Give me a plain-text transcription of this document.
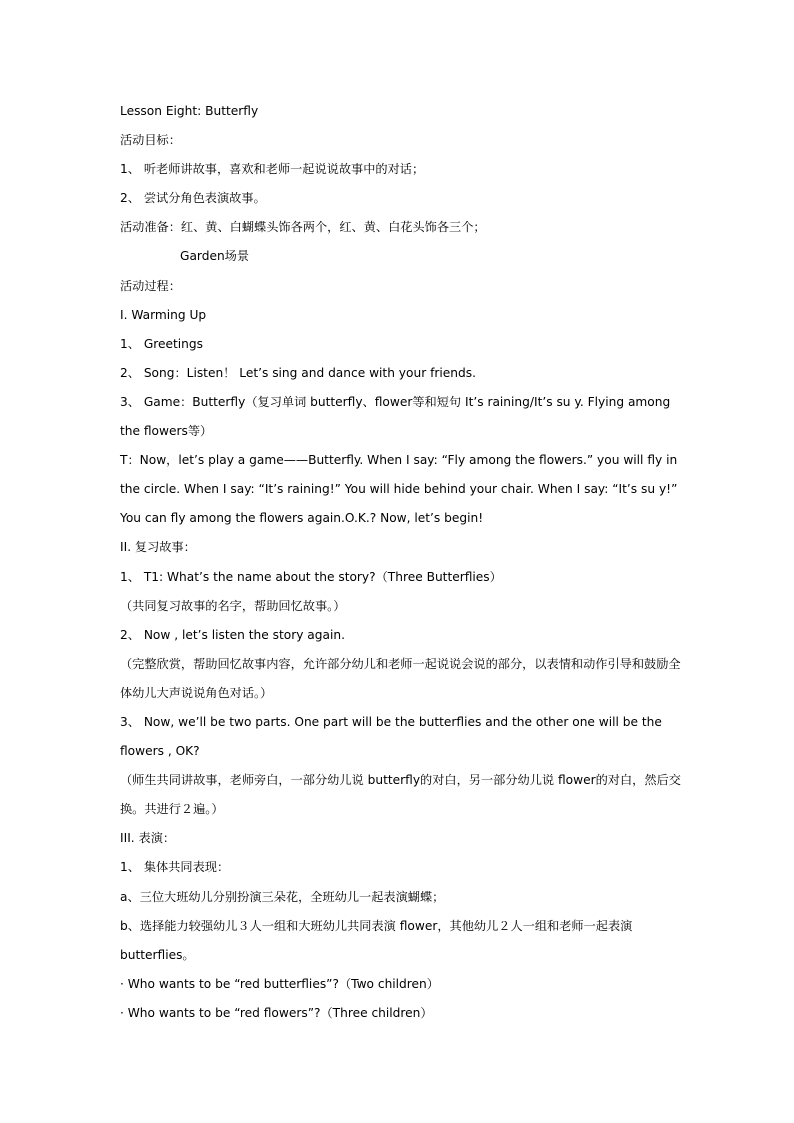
Lesson Eight: Butterfly
活动目标：
1、 听老师讲故事，喜欢和老师一起说说故事中的对话；
2、 尝试分角色表演故事。
活动准备：红、黄、白蝴蝶头饰各两个，红、黄、白花头饰各三个；
Garden场景
活动过程：
I. Warming Up
1、 Greetings
2、 Song：Listen！ Let’s sing and dance with your friends.
3、 Game：Butterfly（复习单词 butterfly、flower等和短句 It’s raining/It’s su y. Flying among
the flowers等）
T：Now，let’s play a game——Butterfly. When I say: “Fly among the flowers.” you will fly in
the circle. When I say: “It’s raining!” You will hide behind your chair. When I say: “It’s su y!”
You can fly among the flowers again.O.K.? Now, let’s begin!
II. 复习故事：
1、 T1: What’s the name about the story?（Three Butterflies）
（共同复习故事的名字，帮助回忆故事。）
2、 Now , let’s listen the story again.
（完整欣赏，帮助回忆故事内容，允许部分幼儿和老师一起说说会说的部分，以表情和动作引导和鼓励全
体幼儿大声说说角色对话。）
3、 Now, we’ll be two parts. One part will be the butterflies and the other one will be the
flowers , OK?
（师生共同讲故事，老师旁白，一部分幼儿说 butterfly的对白，另一部分幼儿说 flower的对白，然后交
换。共进行２遍。）
III. 表演：
1、 集体共同表现：
a、三位大班幼儿分别扮演三朵花，全班幼儿一起表演蝴蝶；
b、选择能力较强幼儿３人一组和大班幼儿共同表演 flower，其他幼儿２人一组和老师一起表演
butterflies。
· Who wants to be “red butterflies”?（Two children）
· Who wants to be “red flowers”?（Three children）
